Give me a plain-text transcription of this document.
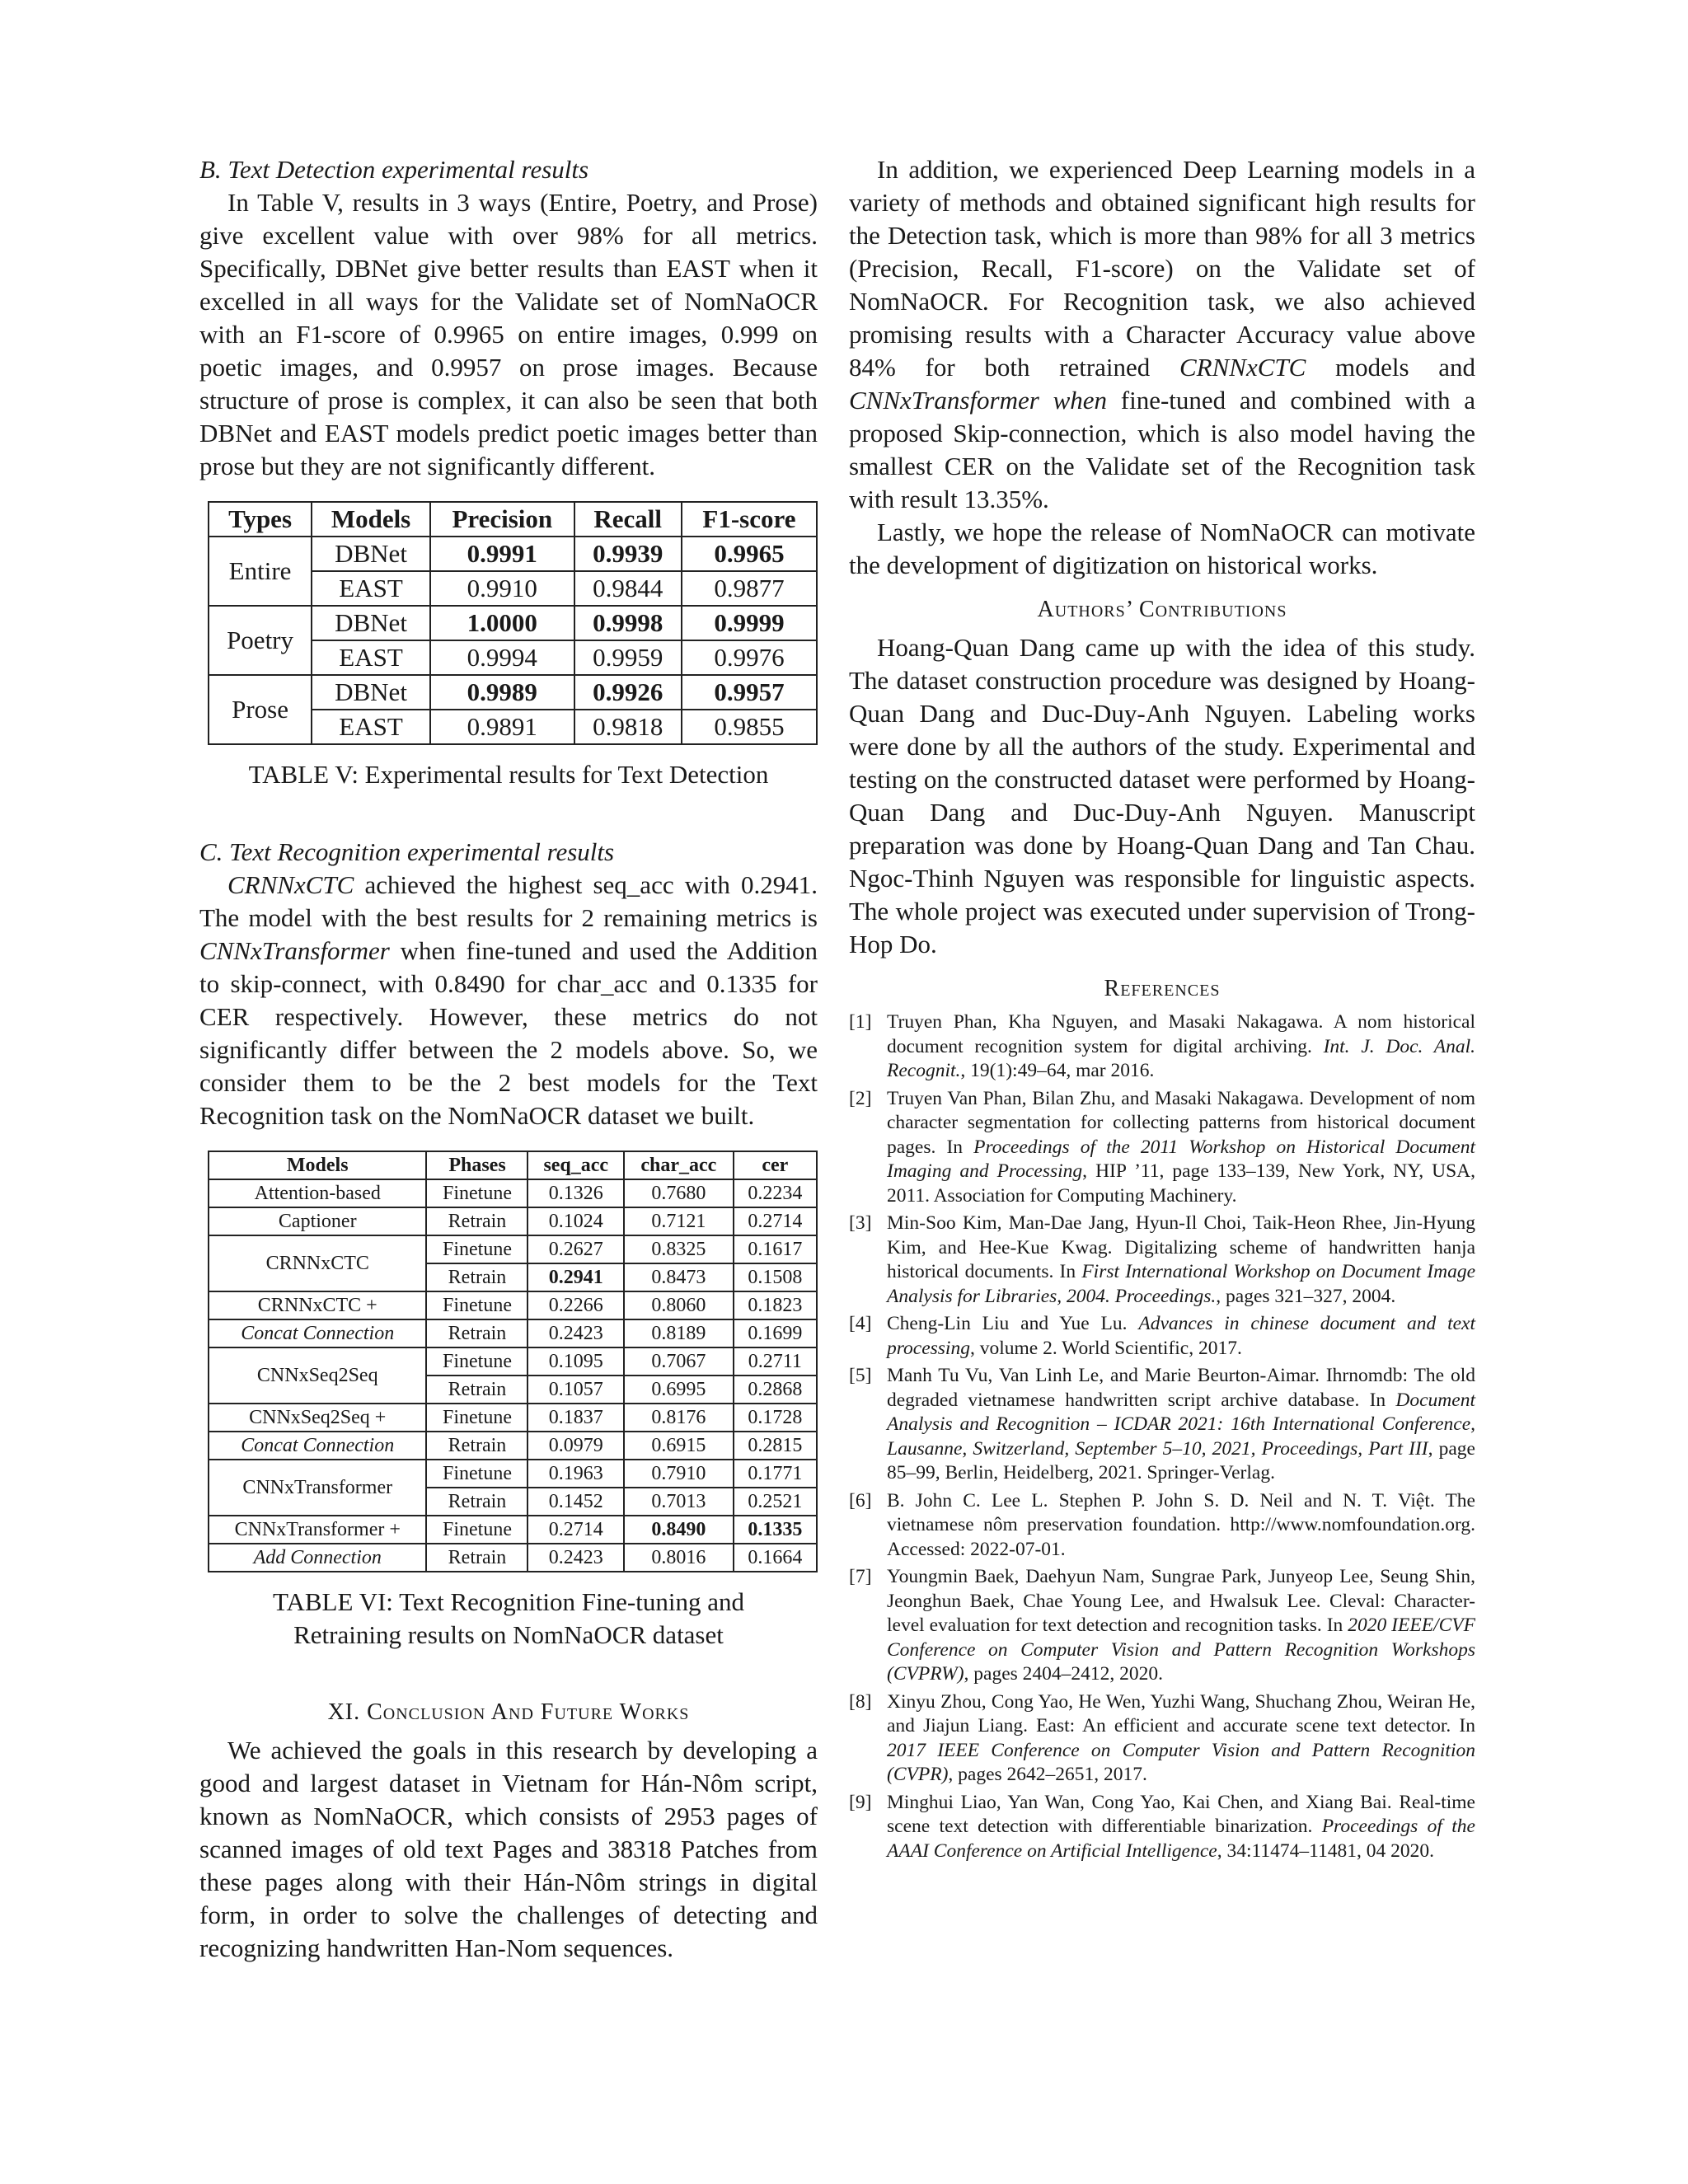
B. Text Detection experimental results

In Table V, results in 3 ways (Entire, Poetry, and Prose) give excellent value with over 98% for all metrics. Specifically, DBNet give better results than EAST when it excelled in all ways for the Validate set of NomNaOCR with an F1-score of 0.9965 on entire images, 0.999 on poetic images, and 0.9957 on prose images. Because structure of prose is complex, it can also be seen that both DBNet and EAST models predict poetic images better than prose but they are not significantly different.

Types	Models	Precision	Recall	F1-score
Entire	DBNet	0.9991	0.9939	0.9965
	EAST	0.9910	0.9844	0.9877
Poetry	DBNet	1.0000	0.9998	0.9999
	EAST	0.9994	0.9959	0.9976
Prose	DBNet	0.9989	0.9926	0.9957
	EAST	0.9891	0.9818	0.9855

TABLE V: Experimental results for Text Detection

C. Text Recognition experimental results

CRNNxCTC achieved the highest seq_acc with 0.2941. The model with the best results for 2 remaining metrics is CNNxTransformer when fine-tuned and used the Addition to skip-connect, with 0.8490 for char_acc and 0.1335 for CER respectively. However, these metrics do not significantly differ between the 2 models above. So, we consider them to be the 2 best models for the Text Recognition task on the NomNaOCR dataset we built.

Models	Phases	seq_acc	char_acc	cer
Attention-based	Finetune	0.1326	0.7680	0.2234
Captioner	Retrain	0.1024	0.7121	0.2714
CRNNxCTC	Finetune	0.2627	0.8325	0.1617
	Retrain	0.2941	0.8473	0.1508
CRNNxCTC +	Finetune	0.2266	0.8060	0.1823
Concat Connection	Retrain	0.2423	0.8189	0.1699
CNNxSeq2Seq	Finetune	0.1095	0.7067	0.2711
	Retrain	0.1057	0.6995	0.2868
CNNxSeq2Seq +	Finetune	0.1837	0.8176	0.1728
Concat Connection	Retrain	0.0979	0.6915	0.2815
CNNxTransformer	Finetune	0.1963	0.7910	0.1771
	Retrain	0.1452	0.7013	0.2521
CNNxTransformer +	Finetune	0.2714	0.8490	0.1335
Add Connection	Retrain	0.2423	0.8016	0.1664

TABLE VI: Text Recognition Fine-tuning and

Retraining results on NomNaOCR dataset

XI. Conclusion And Future Works

We achieved the goals in this research by developing a good and largest dataset in Vietnam for Hán-Nôm script, known as NomNaOCR, which consists of 2953 pages of scanned images of old text Pages and 38318 Patches from these pages along with their Hán-Nôm strings in digital form, in order to solve the challenges of detecting and recognizing handwritten Han-Nom sequences.

In addition, we experienced Deep Learning models in a variety of methods and obtained significant high results for the Detection task, which is more than 98% for all 3 metrics (Precision, Recall, F1-score) on the Validate set of NomNaOCR. For Recognition task, we also achieved promising results with a Character Accuracy value above 84% for both retrained CRNNxCTC models and CNNxTransformer when fine-tuned and combined with a proposed Skip-connection, which is also model having the smallest CER on the Validate set of the Recognition task with result 13.35%.

Lastly, we hope the release of NomNaOCR can motivate the development of digitization on historical works.

Authors’ Contributions

Hoang-Quan Dang came up with the idea of this study. The dataset construction procedure was designed by Hoang-Quan Dang and Duc-Duy-Anh Nguyen. Labeling works were done by all the authors of the study. Experimental and testing on the constructed dataset were performed by Hoang-Quan Dang and Duc-Duy-Anh Nguyen. Manuscript preparation was done by Hoang-Quan Dang and Tan Chau. Ngoc-Thinh Nguyen was responsible for linguistic aspects. The whole project was executed under supervision of Trong-Hop Do.

References

[1] Truyen Phan, Kha Nguyen, and Masaki Nakagawa. A nom historical document recognition system for digital archiving. Int. J. Doc. Anal. Recognit., 19(1):49–64, mar 2016.
[2] Truyen Van Phan, Bilan Zhu, and Masaki Nakagawa. Development of nom character segmentation for collecting patterns from historical document pages. In Proceedings of the 2011 Workshop on Historical Document Imaging and Processing, HIP ’11, page 133–139, New York, NY, USA, 2011. Association for Computing Machinery.
[3] Min-Soo Kim, Man-Dae Jang, Hyun-Il Choi, Taik-Heon Rhee, Jin-Hyung Kim, and Hee-Kue Kwag. Digitalizing scheme of handwritten hanja historical documents. In First International Workshop on Document Image Analysis for Libraries, 2004. Proceedings., pages 321–327, 2004.
[4] Cheng-Lin Liu and Yue Lu. Advances in chinese document and text processing, volume 2. World Scientific, 2017.
[5] Manh Tu Vu, Van Linh Le, and Marie Beurton-Aimar. Ihrnomdb: The old degraded vietnamese handwritten script archive database. In Document Analysis and Recognition – ICDAR 2021: 16th International Conference, Lausanne, Switzerland, September 5–10, 2021, Proceedings, Part III, page 85–99, Berlin, Heidelberg, 2021. Springer-Verlag.
[6] B. John C. Lee L. Stephen P. John S. D. Neil and N. T. Việt. The vietnamese nôm preservation foundation. http://www.nomfoundation.org. Accessed: 2022-07-01.
[7] Youngmin Baek, Daehyun Nam, Sungrae Park, Junyeop Lee, Seung Shin, Jeonghun Baek, Chae Young Lee, and Hwalsuk Lee. Cleval: Character-level evaluation for text detection and recognition tasks. In 2020 IEEE/CVF Conference on Computer Vision and Pattern Recognition Workshops (CVPRW), pages 2404–2412, 2020.
[8] Xinyu Zhou, Cong Yao, He Wen, Yuzhi Wang, Shuchang Zhou, Weiran He, and Jiajun Liang. East: An efficient and accurate scene text detector. In 2017 IEEE Conference on Computer Vision and Pattern Recognition (CVPR), pages 2642–2651, 2017.
[9] Minghui Liao, Yan Wan, Cong Yao, Kai Chen, and Xiang Bai. Real-time scene text detection with differentiable binarization. Proceedings of the AAAI Conference on Artificial Intelligence, 34:11474–11481, 04 2020.
